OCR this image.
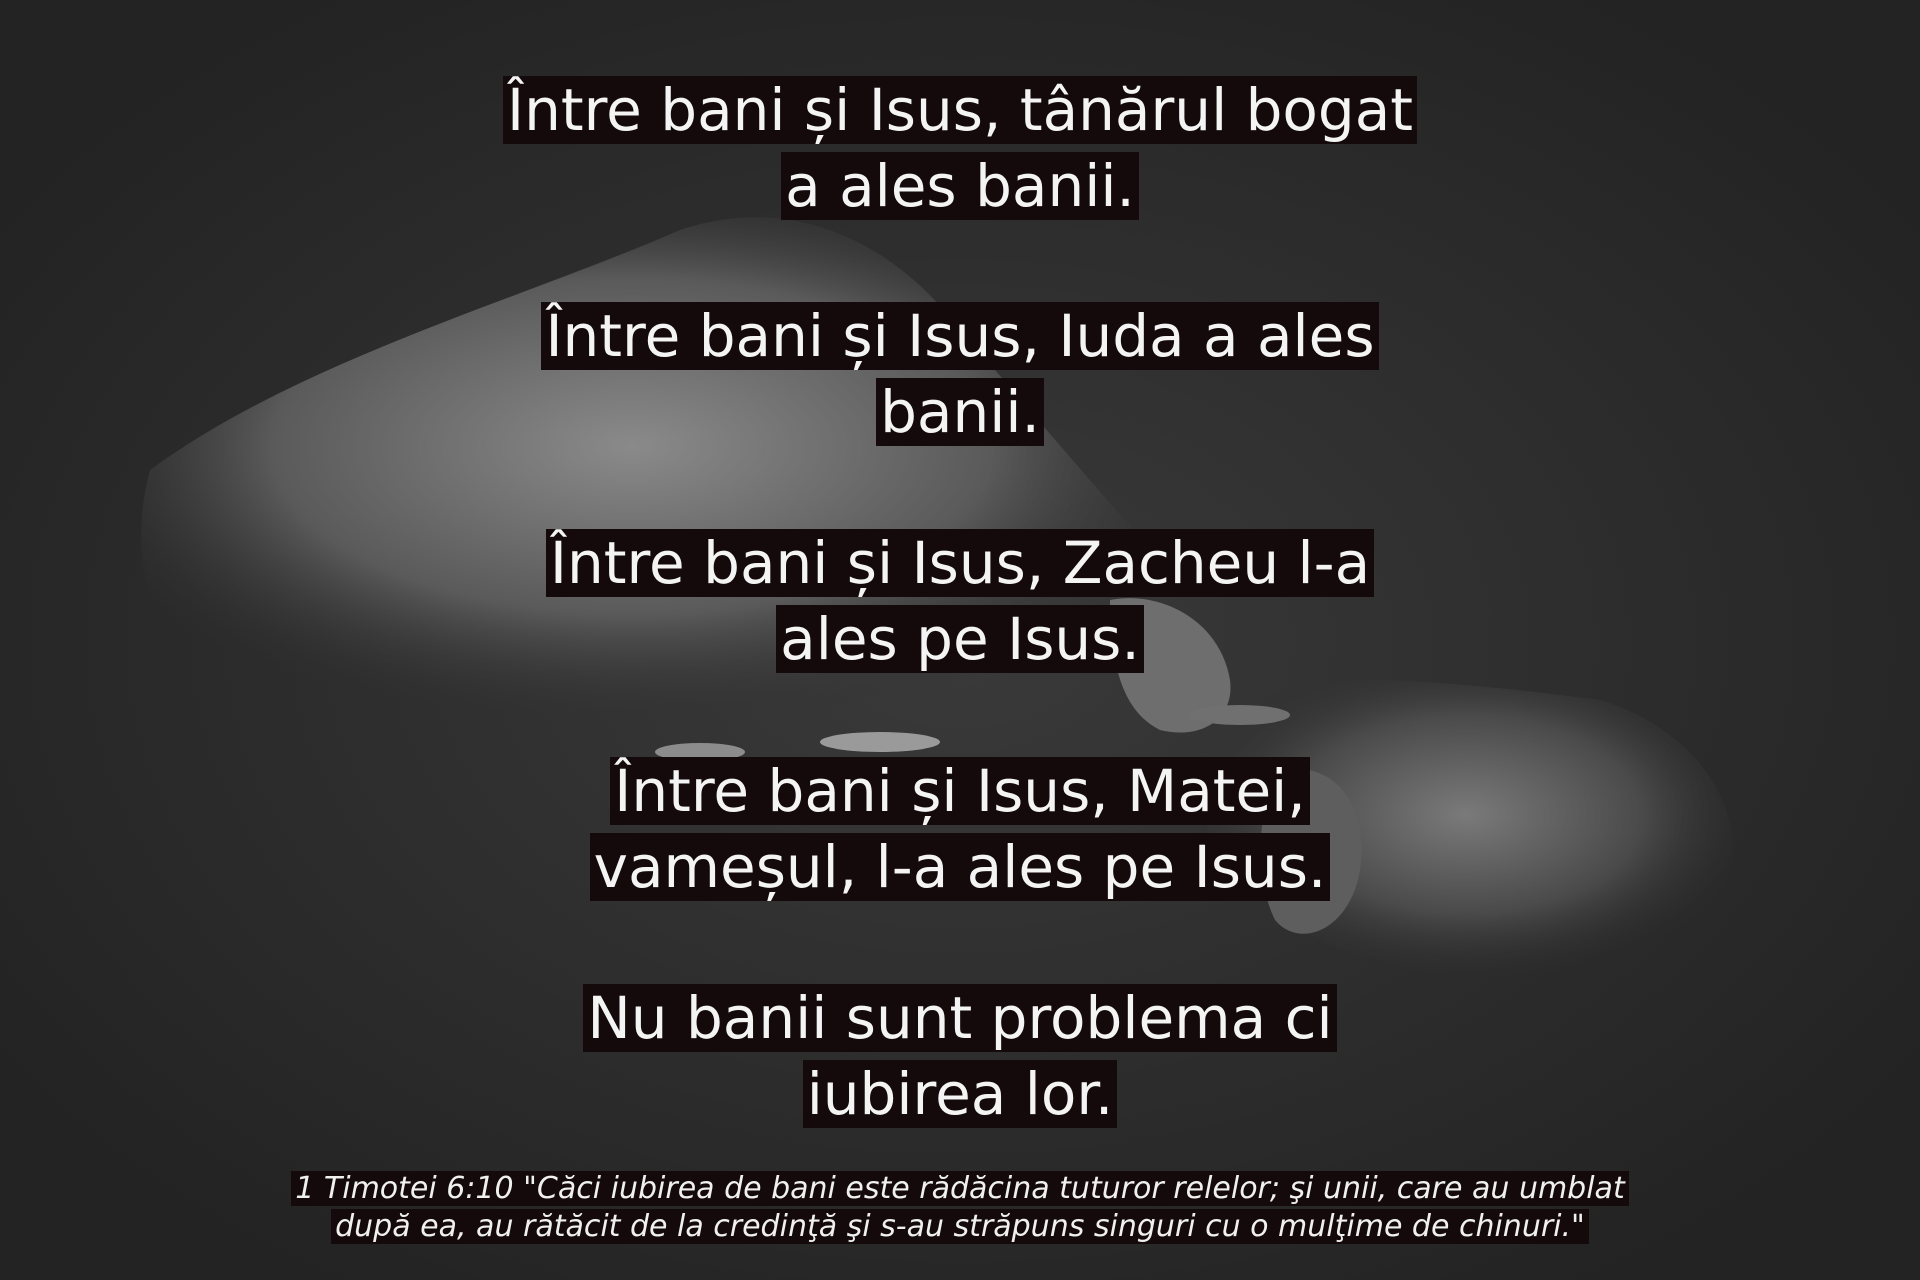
Între bani și Isus, tânărul bogat
a ales banii.
Între bani și Isus, Iuda a ales
banii.
Între bani și Isus, Zacheu l-a
ales pe Isus.
Între bani și Isus, Matei,
vameșul, l-a ales pe Isus.
Nu banii sunt problema ci
iubirea lor.
1 Timotei 6:10 "Căci iubirea de bani este rădăcina tuturor relelor; şi unii, care au umblat
după ea, au rătăcit de la credinţă şi s-au străpuns singuri cu o mulţime de chinuri."
